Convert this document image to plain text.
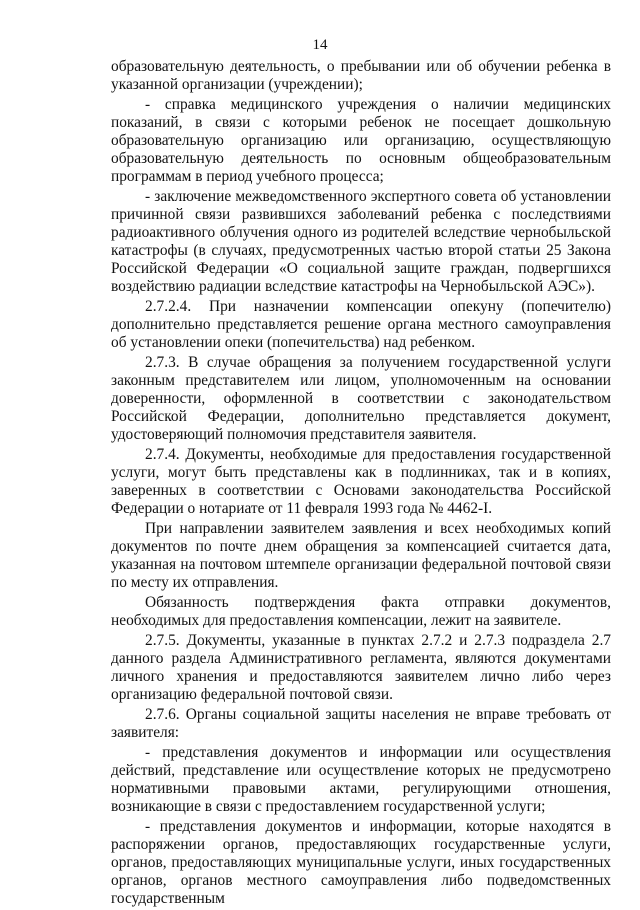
14

образовательную деятельность, о пребывании или об обучении ребенка в указанной организации (учреждении);

- справка медицинского учреждения о наличии медицинских показаний, в связи с которыми ребенок не посещает дошкольную образовательную организацию или организацию, осуществляющую образовательную деятельность по основным общеобразовательным программам в период учебного процесса;

- заключение межведомственного экспертного совета об установлении причинной связи развившихся заболеваний ребенка с последствиями радиоактивного облучения одного из родителей вследствие чернобыльской катастрофы (в случаях, предусмотренных частью второй статьи 25 Закона Российской Федерации «О социальной защите граждан, подвергшихся воздействию радиации вследствие катастрофы на Чернобыльской АЭС»).

2.7.2.4. При назначении компенсации опекуну (попечителю) дополнительно представляется решение органа местного самоуправления об установлении опеки (попечительства) над ребенком.

2.7.3. В случае обращения за получением государственной услуги законным представителем или лицом, уполномоченным на основании доверенности, оформленной в соответствии с законодательством Российской Федерации, дополнительно представляется документ, удостоверяющий полномочия представителя заявителя.

2.7.4. Документы, необходимые для предоставления государственной услуги, могут быть представлены как в подлинниках, так и в копиях, заверенных в соответствии с Основами законодательства Российской Федерации о нотариате от 11 февраля 1993 года № 4462-I.

При направлении заявителем заявления и всех необходимых копий документов по почте днем обращения за компенсацией считается дата, указанная на почтовом штемпеле организации федеральной почтовой связи по месту их отправления.

Обязанность подтверждения факта отправки документов, необходимых для предоставления компенсации, лежит на заявителе.

2.7.5. Документы, указанные в пунктах 2.7.2 и 2.7.3 подраздела 2.7 данного раздела Административного регламента, являются документами личного хранения и предоставляются заявителем лично либо через организацию федеральной почтовой связи.

2.7.6. Органы социальной защиты населения не вправе требовать от заявителя:

- представления документов и информации или осуществления действий, представление или осуществление которых не предусмотрено нормативными правовыми актами, регулирующими отношения, возникающие в связи с предоставлением государственной услуги;

- представления документов и информации, которые находятся в распоряжении органов, предоставляющих государственные услуги, органов, предоставляющих муниципальные услуги, иных государственных органов, органов местного самоуправления либо подведомственных государственным
